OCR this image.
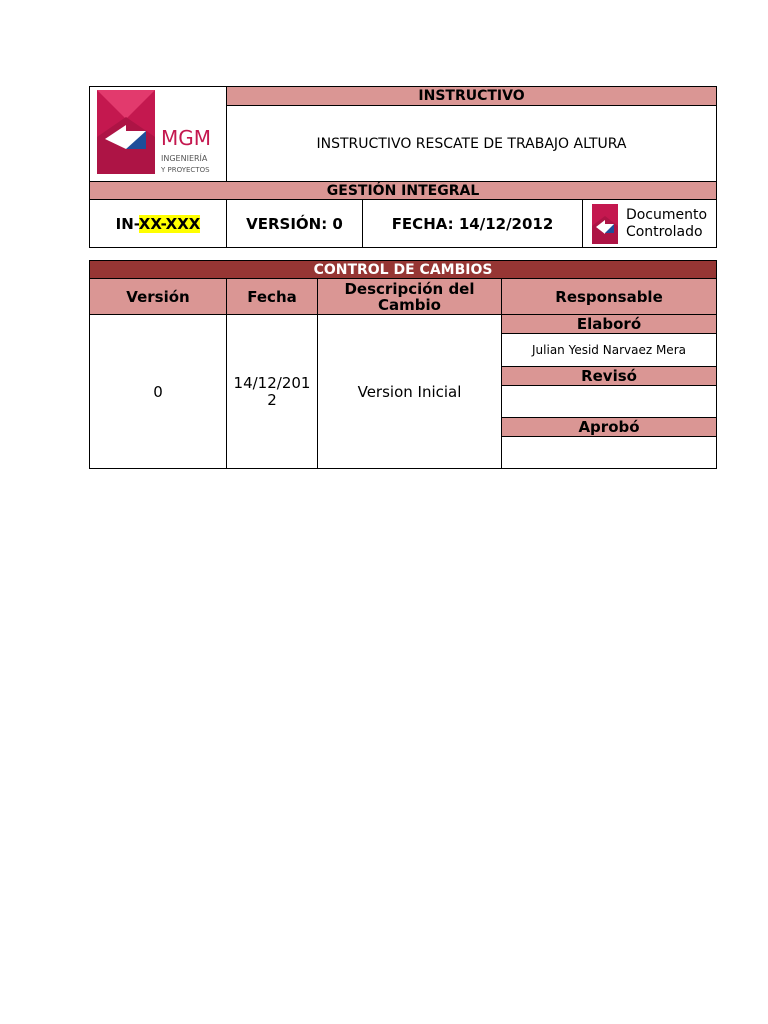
MGM
INGENIERÍA
Y PROYECTOS	INSTRUCTIVO		
	INSTRUCTIVO RESCATE DE TRABAJO ALTURA		
GESTIÓN INTEGRAL			
IN-XX-XXX	VERSIÓN: 0	FECHA: 14/12/2012	Documento
Controlado
CONTROL DE CAMBIOS			
Versión	Fecha	Descripción del Cambio	Responsable
0	14/12/2012	Version Inicial	Elaboró
			Julian Yesid Narvaez Mera
			Revisó

			Aprobó
